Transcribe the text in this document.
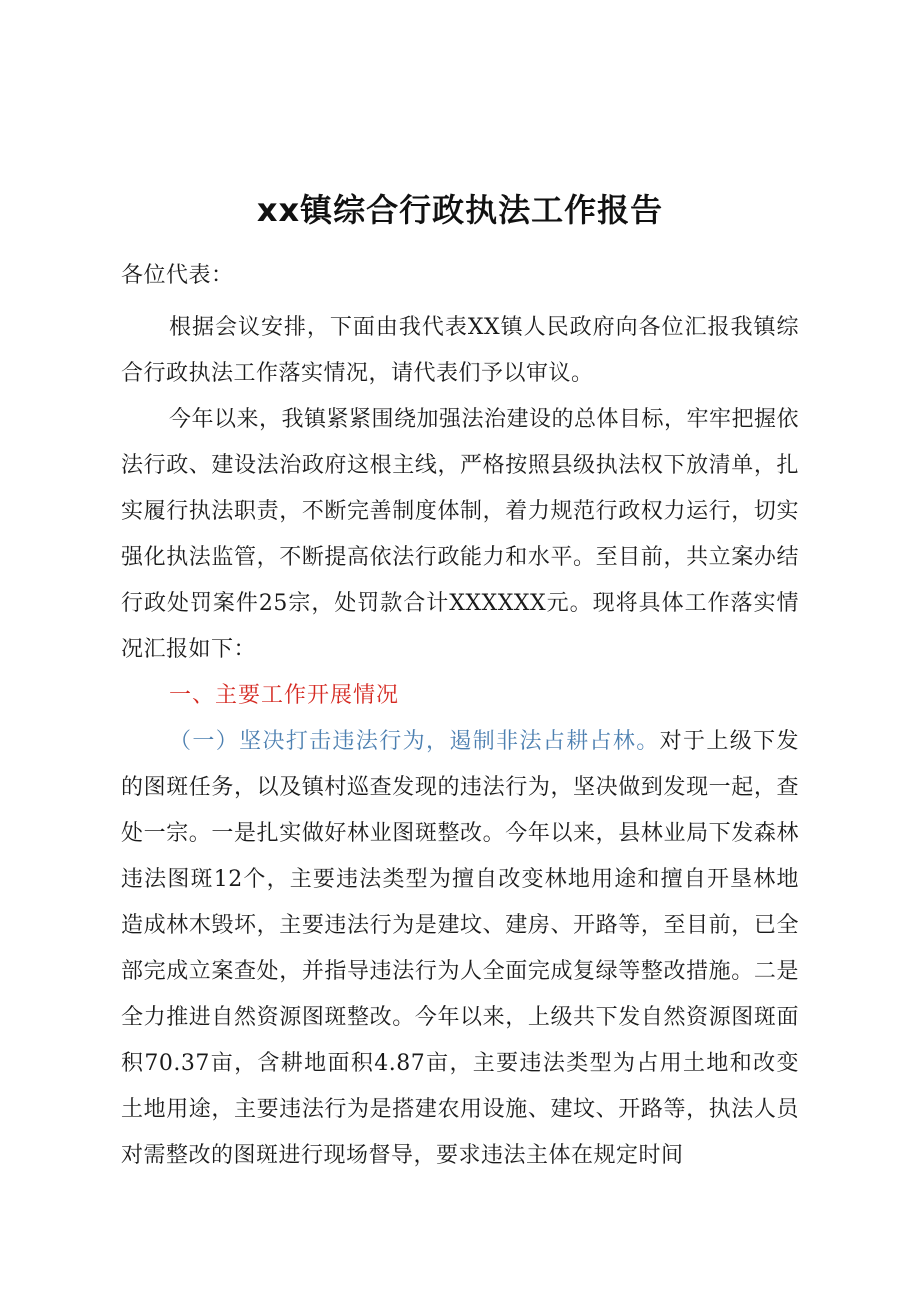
xx镇综合行政执法工作报告

各位代表：

根据会议安排，下面由我代表XX镇人民政府向各位汇报我镇综合行政执法工作落实情况，请代表们予以审议。

今年以来，我镇紧紧围绕加强法治建设的总体目标，牢牢把握依法行政、建设法治政府这根主线，严格按照县级执法权下放清单，扎实履行执法职责，不断完善制度体制，着力规范行政权力运行，切实强化执法监管，不断提高依法行政能力和水平。至目前，共立案办结行政处罚案件25宗，处罚款合计XXXXXX元。现将具体工作落实情况汇报如下：

一、主要工作开展情况

（一）坚决打击违法行为，遏制非法占耕占林。对于上级下发的图斑任务，以及镇村巡查发现的违法行为，坚决做到发现一起，查处一宗。一是扎实做好林业图斑整改。今年以来，县林业局下发森林违法图斑12个，主要违法类型为擅自改变林地用途和擅自开垦林地造成林木毁坏，主要违法行为是建坟、建房、开路等，至目前，已全部完成立案查处，并指导违法行为人全面完成复绿等整改措施。二是全力推进自然资源图斑整改。今年以来，上级共下发自然资源图斑面积70.37亩，含耕地面积4.87亩，主要违法类型为占用土地和改变土地用途，主要违法行为是搭建农用设施、建坟、开路等，执法人员对需整改的图斑进行现场督导，要求违法主体在规定时间
